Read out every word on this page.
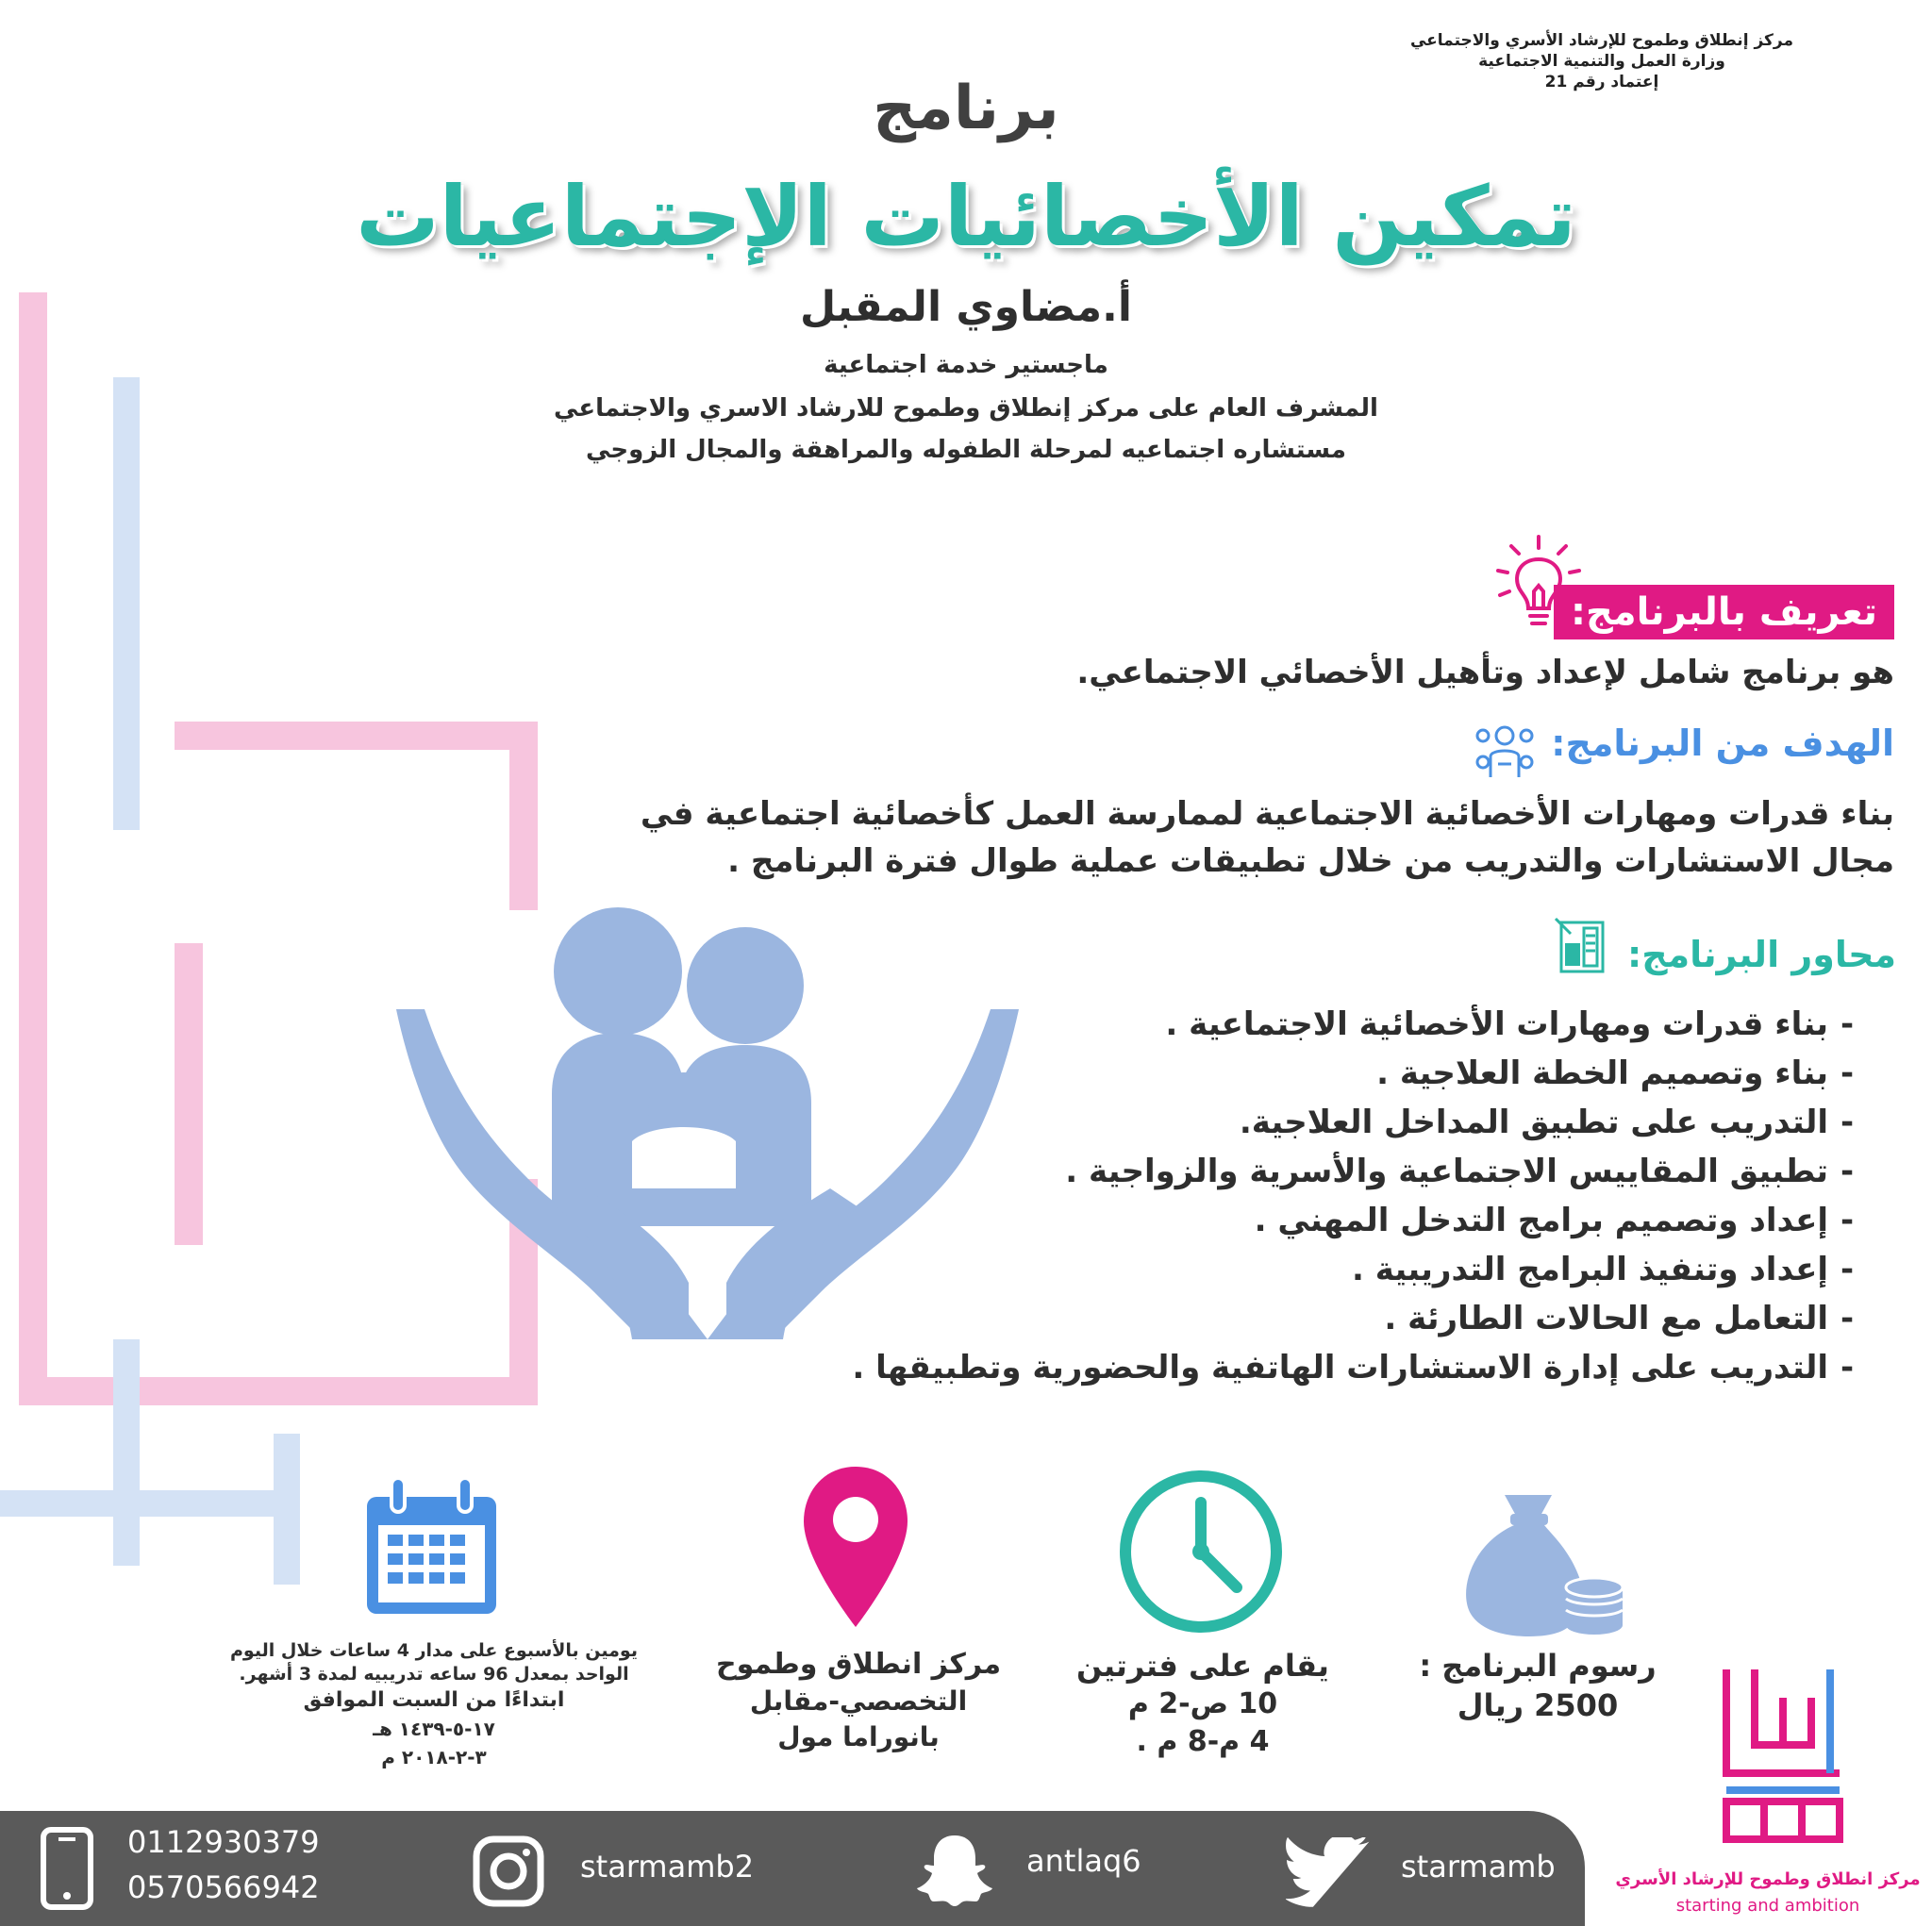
مركز إنطلاق وطموح للإرشاد الأسري والاجتماعي
وزارة العمل والتنمية الاجتماعية
إعتماد رقم 21
برنامج
تمكين الأخصائيات الإجتماعيات
أ.مضاوي المقبل
ماجستير خدمة اجتماعية
المشرف العام على مركز إنطلاق وطموح للارشاد الاسري والاجتماعي
مستشاره اجتماعيه لمرحلة الطفوله والمراهقة والمجال الزوجي
تعريف بالبرنامج:
هو برنامج شامل لإعداد وتأهيل الأخصائي الاجتماعي.
الهدف من البرنامج:
بناء قدرات ومهارات الأخصائية الاجتماعية لممارسة العمل كأخصائية اجتماعية في
مجال الاستشارات والتدريب من خلال تطبيقات عملية طوال فترة البرنامج .
محاور البرنامج:
-بناء قدرات ومهارات الأخصائية الاجتماعية .
-بناء وتصميم الخطة العلاجية .
-التدريب على تطبيق المداخل العلاجية.
-تطبيق المقاييس الاجتماعية والأسرية والزواجية .
-إعداد وتصميم برامج التدخل المهني .
-إعداد وتنفيذ البرامج التدريبية .
-التعامل مع الحالات الطارئة .
-التدريب على إدارة الاستشارات الهاتفية والحضورية وتطبيقها .
رسوم البرنامج :
2500 ريال
يقام على فترتين
10 ص-2 م
4 م-8 م .
مركز انطلاق وطموح
التخصصي-مقابل
بانوراما مول
يومين بالأسبوع على مدار 4 ساعات خلال اليوم
الواحد بمعدل 96 ساعه تدريبيه لمدة 3 أشهر.
ابتداءًا من السبت الموافق
١٧-٥-١٤٣٩ هـ
٣-٢-٢٠١٨ م
0112930379
0570566942
starmamb2	antlaq6	starmamb	مركز انطلاق وطموح للإرشاد الأسري
starting and ambition
